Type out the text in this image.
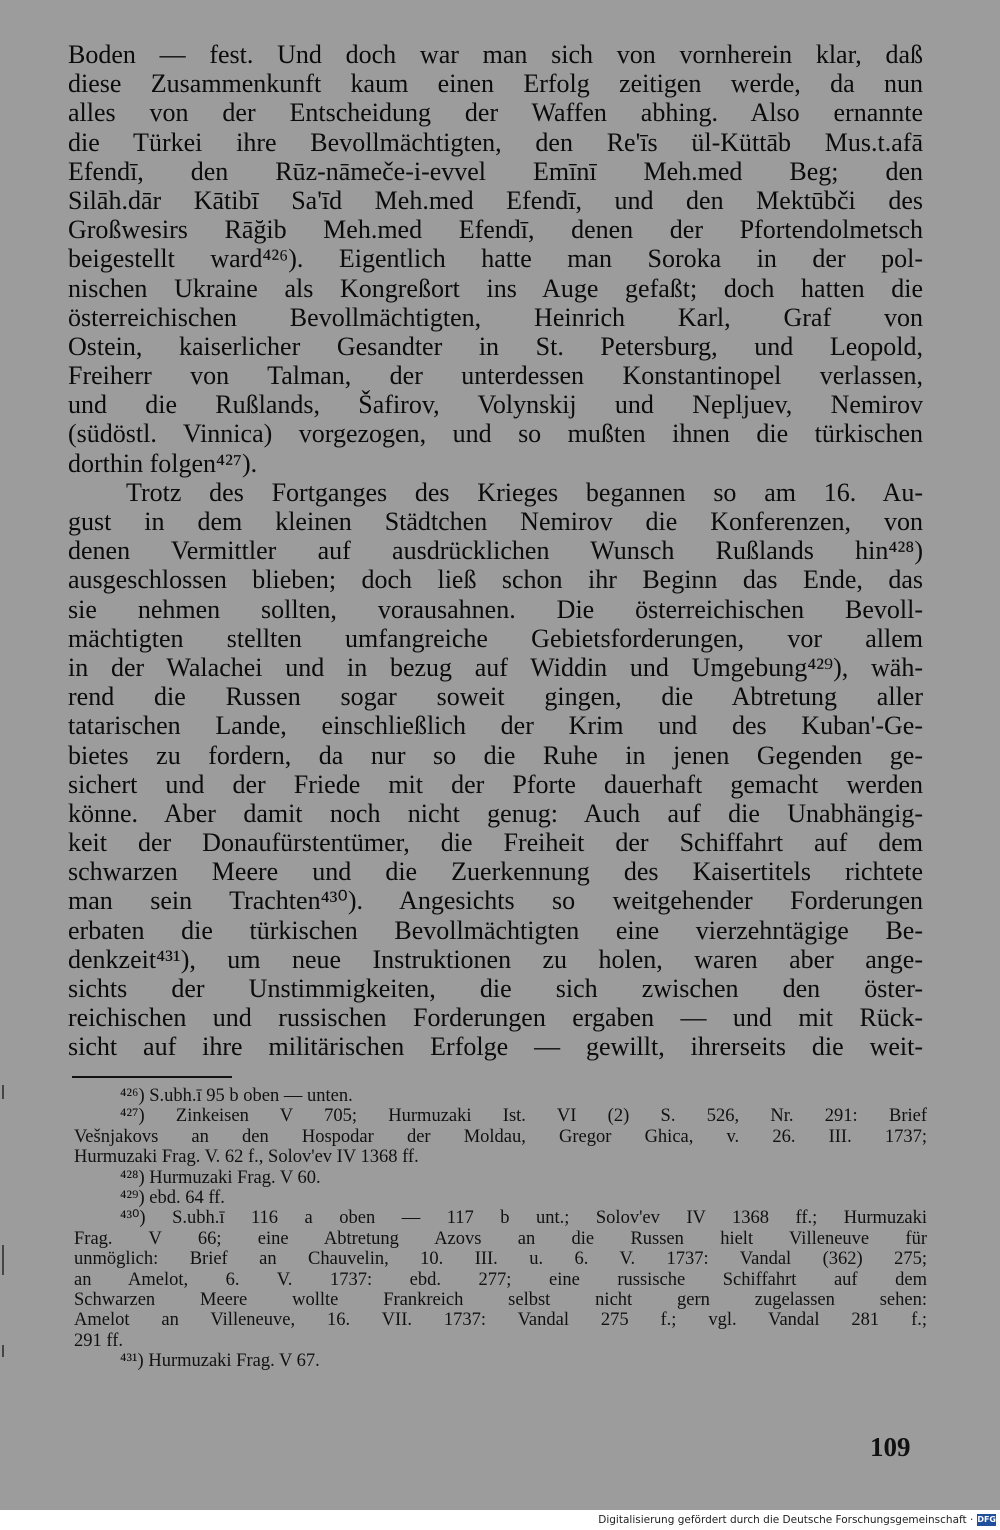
Boden — fest. Und doch war man sich von vornherein klar, daß
diese Zusammenkunft kaum einen Erfolg zeitigen werde, da nun
alles von der Entscheidung der Waffen abhing. Also ernannte
die Türkei ihre Bevollmächtigten, den Re'īs ül-Küttāb Mus.t.afā
Efendī, den Rūz-nāmeče-i-evvel Emīnī Meh.med Beg; den
Silāh.dār Kātibī Sa'īd Meh.med Efendī, und den Mektūbči des
Großwesirs Rāğib Meh.med Efendī, denen der Pfortendolmetsch
beigestellt ward⁴²⁶). Eigentlich hatte man Soroka in der pol-
nischen Ukraine als Kongreßort ins Auge gefaßt; doch hatten die
österreichischen Bevollmächtigten, Heinrich Karl, Graf von
Ostein, kaiserlicher Gesandter in St. Petersburg, und Leopold,
Freiherr von Talman, der unterdessen Konstantinopel verlassen,
und die Rußlands, Šafirov, Volynskij und Nepljuev, Nemirov
(südöstl. Vinnica) vorgezogen, und so mußten ihnen die türkischen
dorthin folgen⁴²⁷).
Trotz des Fortganges des Krieges begannen so am 16. Au-
gust in dem kleinen Städtchen Nemirov die Konferenzen, von
denen Vermittler auf ausdrücklichen Wunsch Rußlands hin⁴²⁸)
ausgeschlossen blieben; doch ließ schon ihr Beginn das Ende, das
sie nehmen sollten, vorausahnen. Die österreichischen Bevoll-
mächtigten stellten umfangreiche Gebietsforderungen, vor allem
in der Walachei und in bezug auf Widdin und Umgebung⁴²⁹), wäh-
rend die Russen sogar soweit gingen, die Abtretung aller
tatarischen Lande, einschließlich der Krim und des Kuban'-Ge-
bietes zu fordern, da nur so die Ruhe in jenen Gegenden ge-
sichert und der Friede mit der Pforte dauerhaft gemacht werden
könne. Aber damit noch nicht genug: Auch auf die Unabhängig-
keit der Donaufürstentümer, die Freiheit der Schiffahrt auf dem
schwarzen Meere und die Zuerkennung des Kaisertitels richtete
man sein Trachten⁴³⁰). Angesichts so weitgehender Forderungen
erbaten die türkischen Bevollmächtigten eine vierzehntägige Be-
denkzeit⁴³¹), um neue Instruktionen zu holen, waren aber ange-
sichts der Unstimmigkeiten, die sich zwischen den öster-
reichischen und russischen Forderungen ergaben — und mit Rück-
sicht auf ihre militärischen Erfolge — gewillt, ihrerseits die weit-
⁴²⁶) S.ubh.ī 95 b oben — unten.
⁴²⁷) Zinkeisen V 705; Hurmuzaki Ist. VI (2) S. 526, Nr. 291: Brief
Vešnjakovs an den Hospodar der Moldau, Gregor Ghica, v. 26. III. 1737;
Hurmuzaki Frag. V. 62 f., Solov'ev IV 1368 ff.
⁴²⁸) Hurmuzaki Frag. V 60.
⁴²⁹) ebd. 64 ff.
⁴³⁰) S.ubh.ī 116 a oben — 117 b unt.; Solov'ev IV 1368 ff.; Hurmuzaki
Frag. V 66; eine Abtretung Azovs an die Russen hielt Villeneuve für
unmöglich: Brief an Chauvelin, 10. III. u. 6. V. 1737: Vandal (362) 275;
an Amelot, 6. V. 1737: ebd. 277; eine russische Schiffahrt auf dem
Schwarzen Meere wollte Frankreich selbst nicht gern zugelassen sehen:
Amelot an Villeneuve, 16. VII. 1737: Vandal 275 f.; vgl. Vandal 281 f.;
291 ff.
⁴³¹) Hurmuzaki Frag. V 67.
109
Digitalisierung gefördert durch die Deutsche Forschungsgemeinschaft · DFG
